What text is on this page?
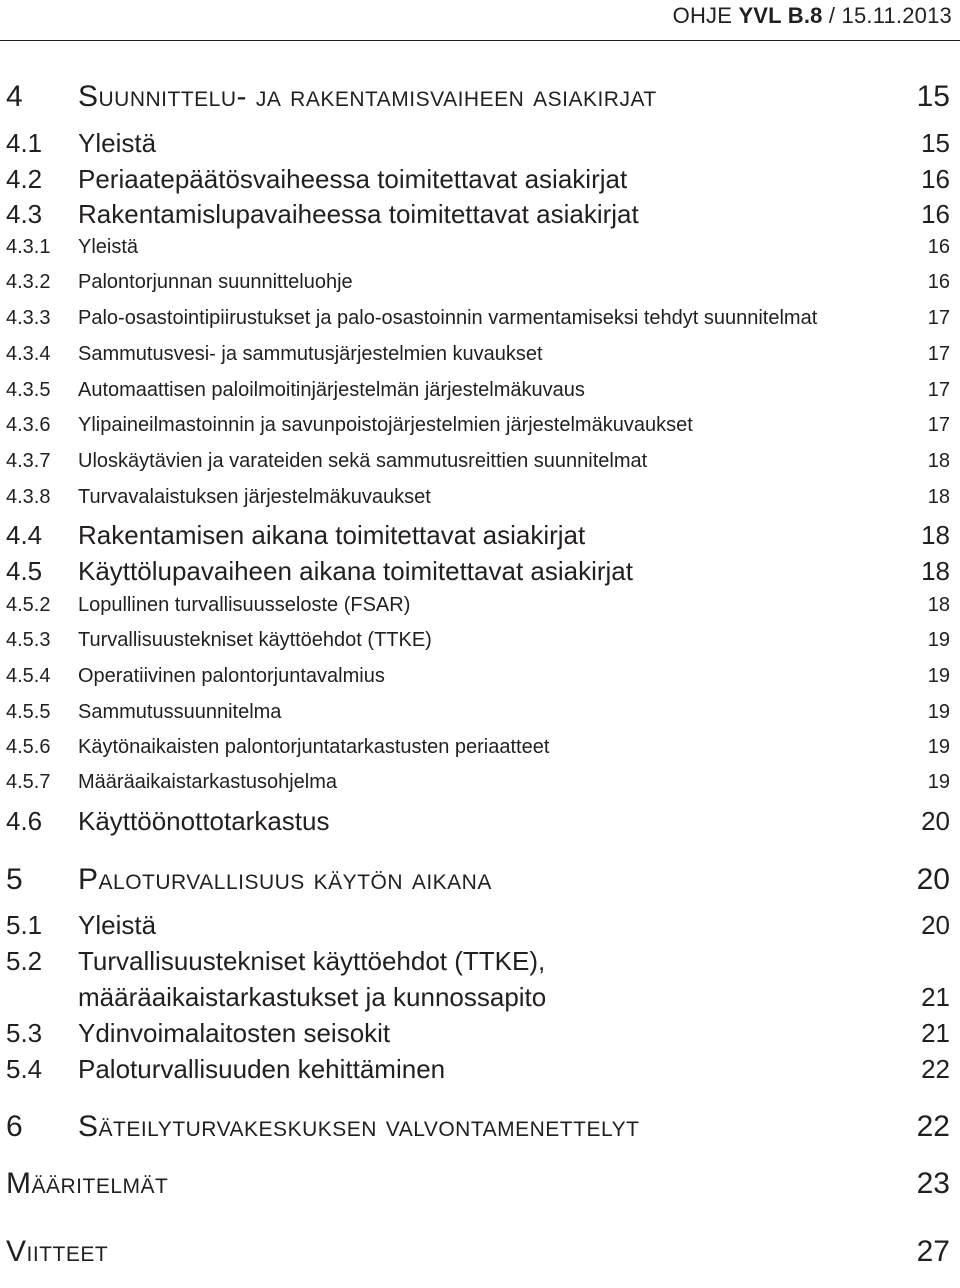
OHJE YVL B.8 / 15.11.2013
4 Suunnittelu- ja rakentamisvaiheen asiakirjat	15
4.1 Yleistä	15
4.2 Periaatepäätösvaiheessa toimitettavat asiakirjat	16
4.3 Rakentamislupavaiheessa toimitettavat asiakirjat	16
4.3.1 Yleistä	16
4.3.2 Palontorjunnan suunnitteluohje	16
4.3.3 Palo-osastointipiirustukset ja palo-osastoinnin varmentamiseksi tehdyt suunnitelmat	17
4.3.4 Sammutusvesi- ja sammutusjärjestelmien kuvaukset	17
4.3.5 Automaattisen paloilmoitinjärjestelmän järjestelmäkuvaus	17
4.3.6 Ylipaineilmastoinnin ja savunpoistojärjestelmien järjestelmäkuvaukset	17
4.3.7 Uloskäytävien ja varateiden sekä sammutusreittien suunnitelmat	18
4.3.8 Turvavalaistuksen järjestelmäkuvaukset	18
4.4 Rakentamisen aikana toimitettavat asiakirjat	18
4.5 Käyttölupavaiheen aikana toimitettavat asiakirjat	18
4.5.2 Lopullinen turvallisuusseloste (FSAR)	18
4.5.3 Turvallisuustekniset käyttöehdot (TTKE)	19
4.5.4 Operatiivinen palontorjuntavalmius	19
4.5.5 Sammutussuunnitelma	19
4.5.6 Käytönaikaisten palontorjuntatarkastusten periaatteet	19
4.5.7 Määräaikaistarkastusohjelma	19
4.6 Käyttöönottotarkastus	20
5 Paloturvallisuus käytön aikana	20
5.1 Yleistä	20
5.2 Turvallisuustekniset käyttöehdot (TTKE),
määräaikaistarkastukset ja kunnossapito	21
5.3 Ydinvoimalaitosten seisokit	21
5.4 Paloturvallisuuden kehittäminen	22
6 Säteilyturvakeskuksen valvontamenettelyt	22
Määritelmät	23
Viitteet	27
